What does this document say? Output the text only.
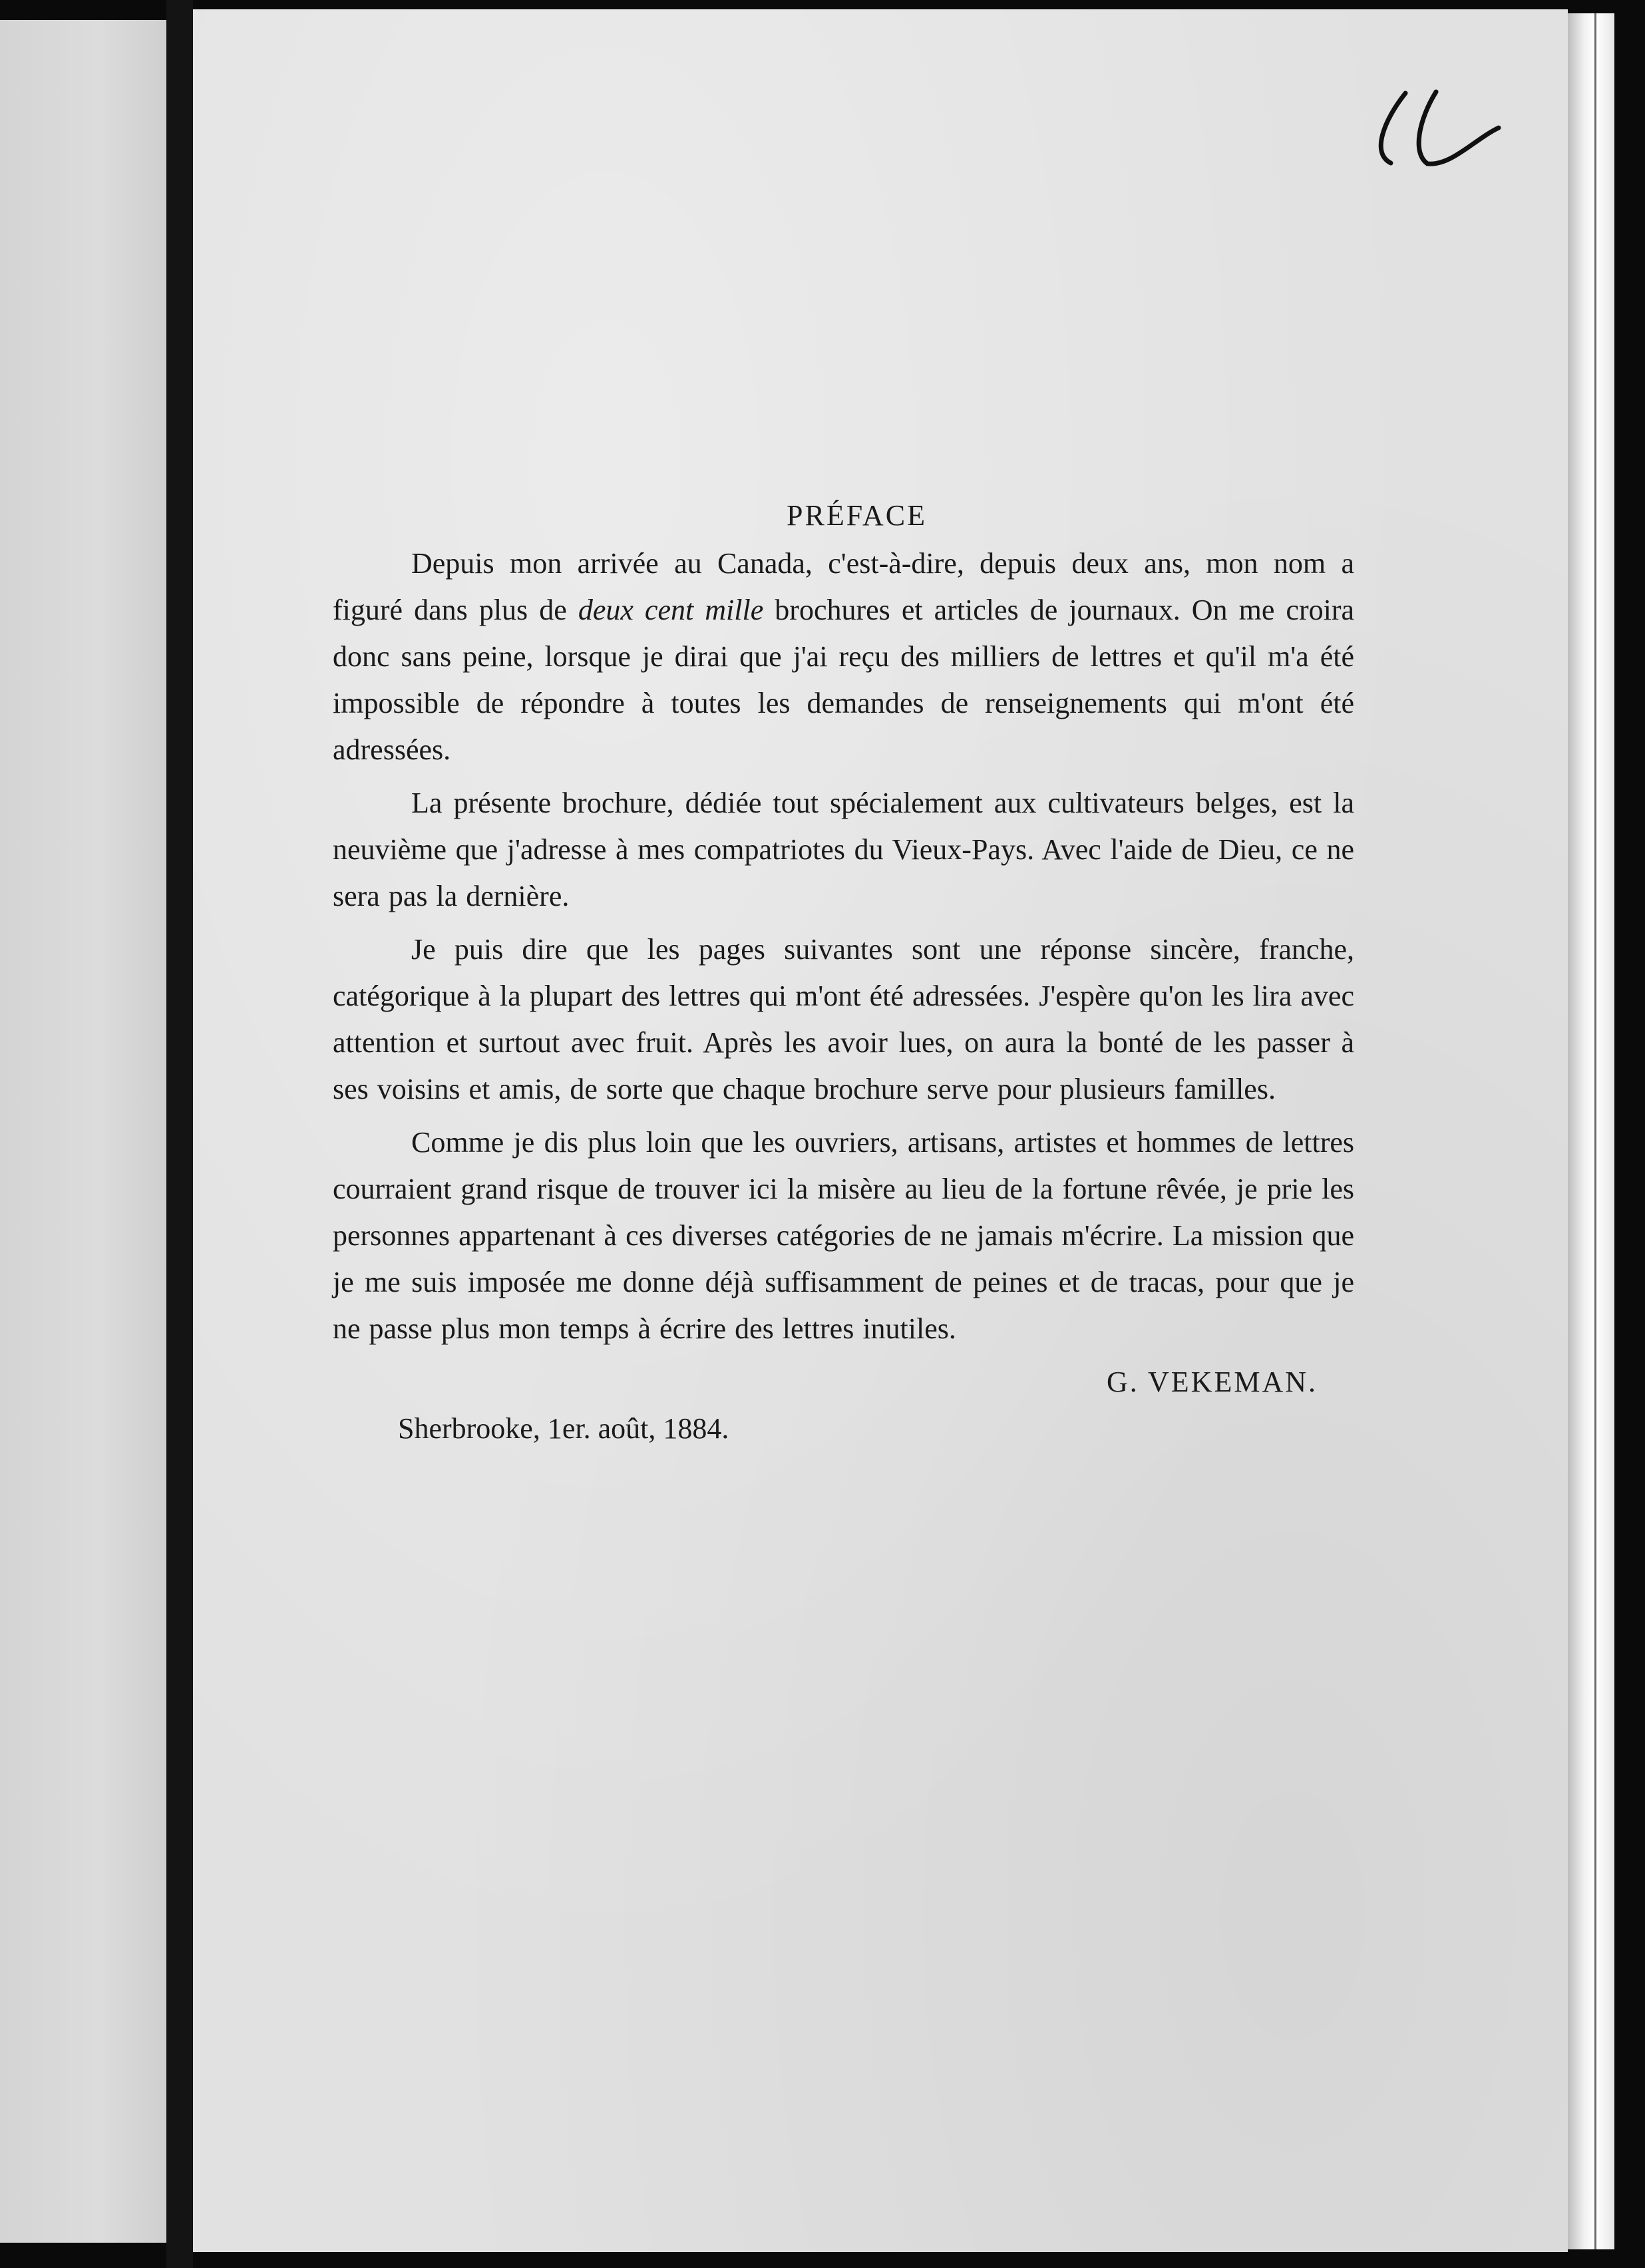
PRÉFACE

Depuis mon arrivée au Canada, c'est-à-dire, depuis deux ans, mon nom a figuré dans plus de deux cent mille brochures et articles de journaux. On me croira donc sans peine, lorsque je dirai que j'ai reçu des milliers de lettres et qu'il m'a été impossible de répondre à toutes les demandes de renseignements qui m'ont été adressées.

La présente brochure, dédiée tout spécialement aux cultivateurs belges, est la neuvième que j'adresse à mes compatriotes du Vieux-Pays. Avec l'aide de Dieu, ce ne sera pas la dernière.

Je puis dire que les pages suivantes sont une réponse sincère, franche, catégorique à la plupart des lettres qui m'ont été adressées. J'espère qu'on les lira avec attention et surtout avec fruit. Après les avoir lues, on aura la bonté de les passer à ses voisins et amis, de sorte que chaque brochure serve pour plusieurs familles.

Comme je dis plus loin que les ouvriers, artisans, artistes et hommes de lettres courraient grand risque de trouver ici la misère au lieu de la fortune rêvée, je prie les personnes appartenant à ces diverses catégories de ne jamais m'écrire. La mission que je me suis imposée me donne déjà suffisamment de peines et de tracas, pour que je ne passe plus mon temps à écrire des lettres inutiles.

G. VEKEMAN.

Sherbrooke, 1er. août, 1884.
